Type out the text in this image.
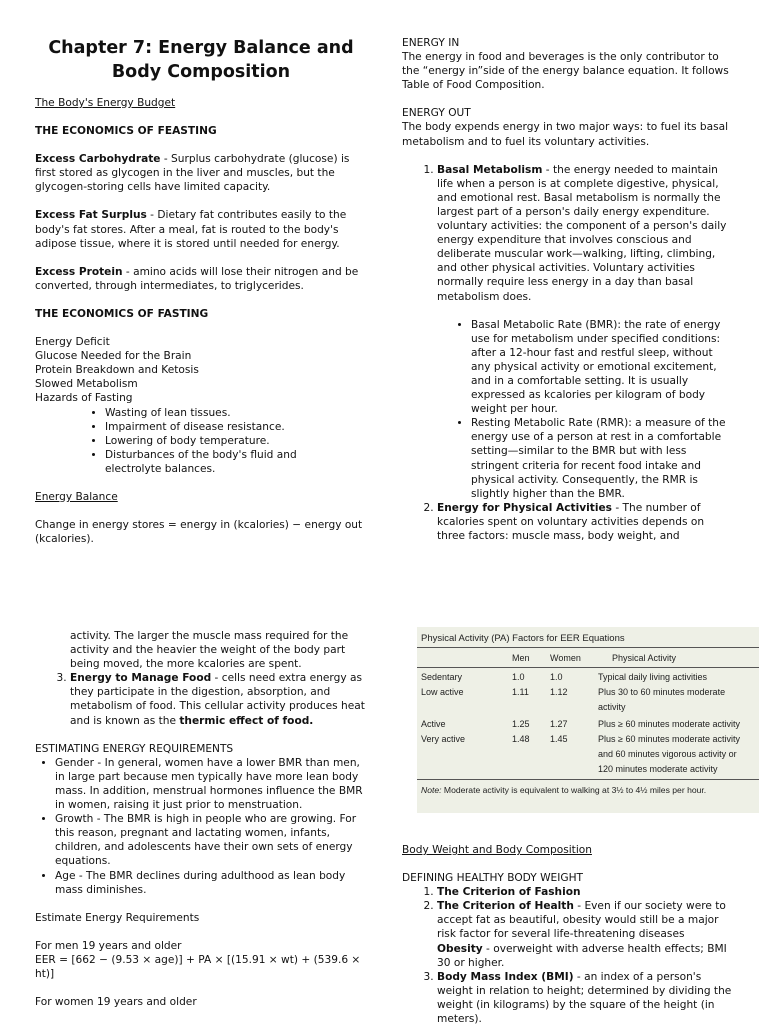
Chapter 7: Energy Balance and
Body Composition

The Body's Energy Budget

THE ECONOMICS OF FEASTING

Excess Carbohydrate - Surplus carbohydrate (glucose) is first stored as glycogen in the liver and muscles, but the glycogen-storing cells have limited capacity.

Excess Fat Surplus - Dietary fat contributes easily to the body's fat stores. After a meal, fat is routed to the body's adipose tissue, where it is stored until needed for energy.

Excess Protein - amino acids will lose their nitrogen and be converted, through intermediates, to triglycerides.

THE ECONOMICS OF FASTING

Energy Deficit

Glucose Needed for the Brain

Protein Breakdown and Ketosis

Slowed Metabolism

Hazards of Fasting

• Wasting of lean tissues.
• Impairment of disease resistance.
• Lowering of body temperature.
• Disturbances of the body's fluid and electrolyte balances.

Energy Balance

Change in energy stores = energy in (kcalories) − energy out (kcalories).

ENERGY IN

The energy in food and beverages is the only contributor to the “energy in”side of the energy balance equation. It follows Table of Food Composition.

ENERGY OUT

The body expends energy in two major ways: to fuel its basal metabolism and to fuel its voluntary activities.

1. Basal Metabolism - the energy needed to maintain life when a person is at complete digestive, physical, and emotional rest. Basal metabolism is normally the largest part of a person's daily energy expenditure. voluntary activities: the component of a person's daily energy expenditure that involves conscious and deliberate muscular work—walking, lifting, climbing, and other physical activities. Voluntary activities normally require less energy in a day than basal metabolism does.
• Basal Metabolic Rate (BMR): the rate of energy use for metabolism under specified conditions: after a 12-hour fast and restful sleep, without any physical activity or emotional excitement, and in a comfortable setting. It is usually expressed as kcalories per kilogram of body weight per hour.
• Resting Metabolic Rate (RMR): a measure of the energy use of a person at rest in a comfortable setting—similar to the BMR but with less stringent criteria for recent food intake and physical activity. Consequently, the RMR is slightly higher than the BMR.
2. Energy for Physical Activities - The number of kcalories spent on voluntary activities depends on three factors: muscle mass, body weight, and

activity. The larger the muscle mass required for the activity and the heavier the weight of the body part being moved, the more kcalories are spent.

3. Energy to Manage Food - cells need extra energy as they participate in the digestion, absorption, and metabolism of food. This cellular activity produces heat and is known as the thermic effect of food.

ESTIMATING ENERGY REQUIREMENTS

• Gender - In general, women have a lower BMR than men, in large part because men typically have more lean body mass. In addition, menstrual hormones influence the BMR in women, raising it just prior to menstruation.
• Growth - The BMR is high in people who are growing. For this reason, pregnant and lactating women, infants, children, and adolescents have their own sets of energy equations.
• Age - The BMR declines during adulthood as lean body mass diminishes.

Estimate Energy Requirements

For men 19 years and older

EER = [662 − (9.53 × age)] + PA × [(15.91 × wt) + (539.6 × ht)]

For women 19 years and older

Physical Activity (PA) Factors for EER Equations
Men Women	Physical Activity
Sedentary	1.0	1.0	Typical daily living activities
Low active	1.11 1.12	Plus 30 to 60 minutes moderate
activity
Active	1.25 1.27	Plus ≥ 60 minutes moderate activity
Very active	1.48 1.45	Plus ≥ 60 minutes moderate activity
and 60 minutes vigorous activity or
120 minutes moderate activity
Note: Moderate activity is equivalent to walking at 3½ to 4½ miles per hour.

Body Weight and Body Composition

DEFINING HEALTHY BODY WEIGHT

1. The Criterion of Fashion
2. The Criterion of Health - Even if our society were to accept fat as beautiful, obesity would still be a major risk factor for several life-threatening diseases Obesity - overweight with adverse health effects; BMI 30 or higher.
3. Body Mass Index (BMI) - an index of a person's weight in relation to height; determined by dividing the weight (in kilograms) by the square of the height (in meters).
